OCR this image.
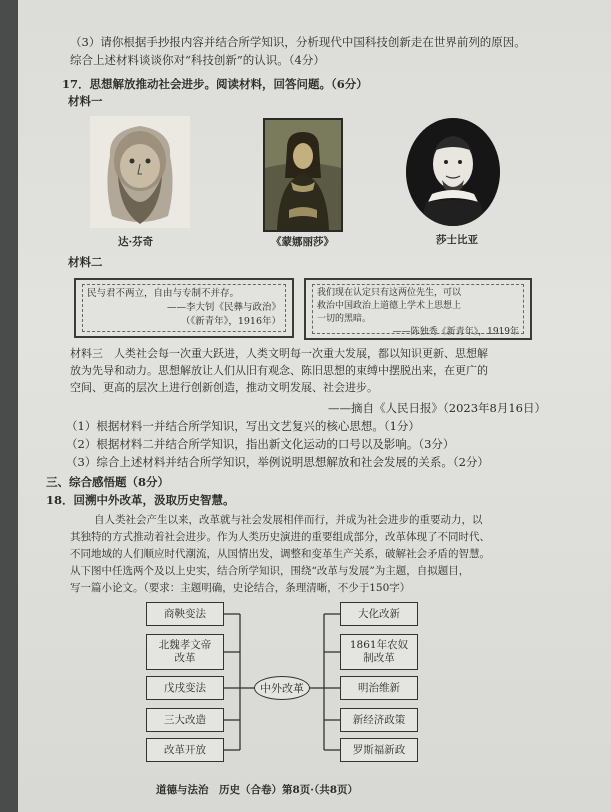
（3）请你根据手抄报内容并结合所学知识，分析现代中国科技创新走在世界前列的原因。
综合上述材料谈谈你对“科技创新”的认识。（4分）
17．思想解放推动社会进步。阅读材料，回答问题。（6分）
材料一
达·芬奇	《蒙娜丽莎》	莎士比亚
材料二
民与君不两立，自由与专制不并存。
——李大钊《民彝与政治》
（《新青年》，1916年）
我们现在认定只有这两位先生，可以
救治中国政治上道德上学术上思想上
一切的黑暗。
——陈独秀《新青年》，1919年
材料三　人类社会每一次重大跃进，人类文明每一次重大发展，都以知识更新、思想解
放为先导和动力。思想解放让人们从旧有观念、陈旧思想的束缚中摆脱出来，在更广的
空间、更高的层次上进行创新创造，推动文明发展、社会进步。
——摘自《人民日报》（2023年8月16日）
（1）根据材料一并结合所学知识，写出文艺复兴的核心思想。（1分）
（2）根据材料二并结合所学知识，指出新文化运动的口号以及影响。（3分）
（3）综合上述材料并结合所学知识，举例说明思想解放和社会发展的关系。（2分）
三、综合感悟题（8分）
18．回溯中外改革，汲取历史智慧。
自人类社会产生以来，改革就与社会发展相伴而行，并成为社会进步的重要动力，以
其独特的方式推动着社会进步。作为人类历史演进的重要组成部分，改革体现了不同时代、
不同地域的人们顺应时代潮流，从国情出发，调整和变革生产关系，破解社会矛盾的智慧。
从下图中任选两个及以上史实，结合所学知识，围绕“改革与发展”为主题，自拟题目，
写一篇小论文。（要求：主题明确，史论结合，条理清晰，不少于150字）
商鞅变法
北魏孝文帝改革
戊戌变法
三大改造
改革开放
中外改革
大化改新
1861年农奴制改革
明治维新
新经济政策
罗斯福新政
道德与法治　历史（合卷）第8页·（共8页）
